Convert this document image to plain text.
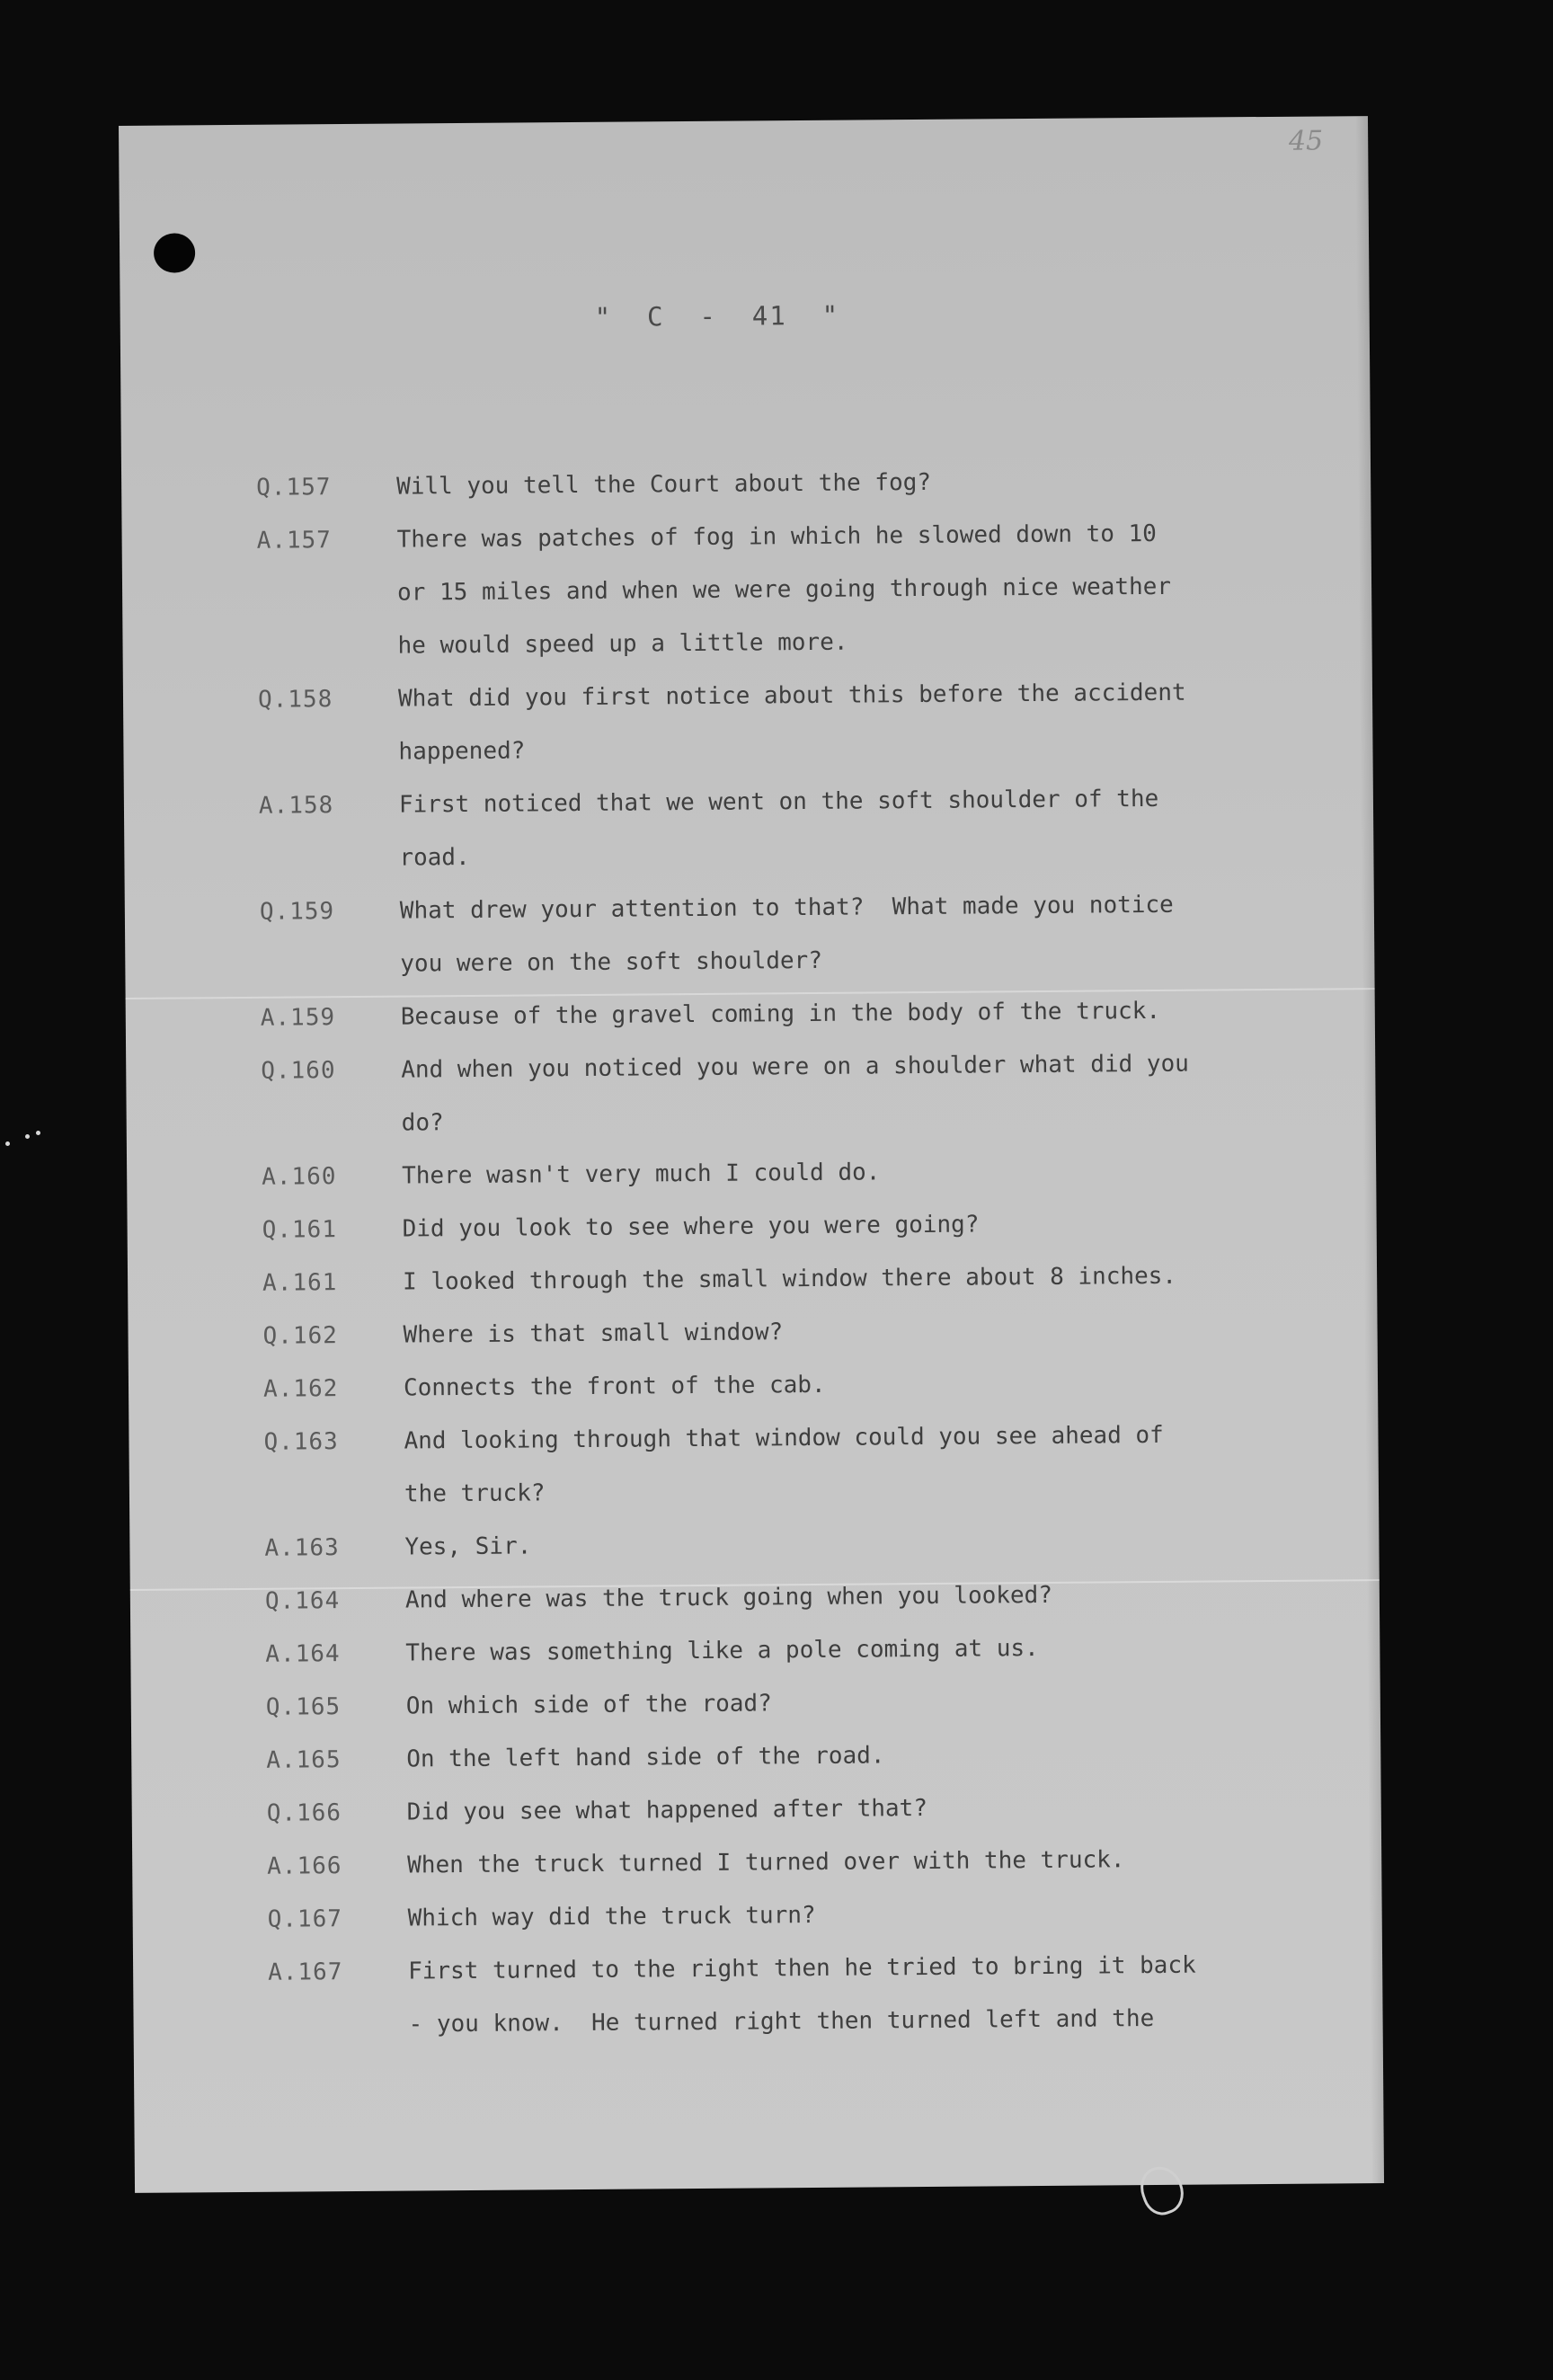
45
"  C  -  41  "
Q.157	Will you tell the Court about the fog?
A.157	There was patches of fog in which he slowed down to 10
or 15 miles and when we were going through nice weather
he would speed up a little more.
Q.158	What did you first notice about this before the accident
happened?
A.158	First noticed that we went on the soft shoulder of the
road.
Q.159	What drew your attention to that?  What made you notice
you were on the soft shoulder?
A.159	Because of the gravel coming in the body of the truck.
Q.160	And when you noticed you were on a shoulder what did you
do?
A.160	There wasn't very much I could do.
Q.161	Did you look to see where you were going?
A.161	I looked through the small window there about 8 inches.
Q.162	Where is that small window?
A.162	Connects the front of the cab.
Q.163	And looking through that window could you see ahead of
the truck?
A.163	Yes, Sir.
Q.164	And where was the truck going when you looked?
A.164	There was something like a pole coming at us.
Q.165	On which side of the road?
A.165	On the left hand side of the road.
Q.166	Did you see what happened after that?
A.166	When the truck turned I turned over with the truck.
Q.167	Which way did the truck turn?
A.167	First turned to the right then he tried to bring it back
- you know.  He turned right then turned left and the
